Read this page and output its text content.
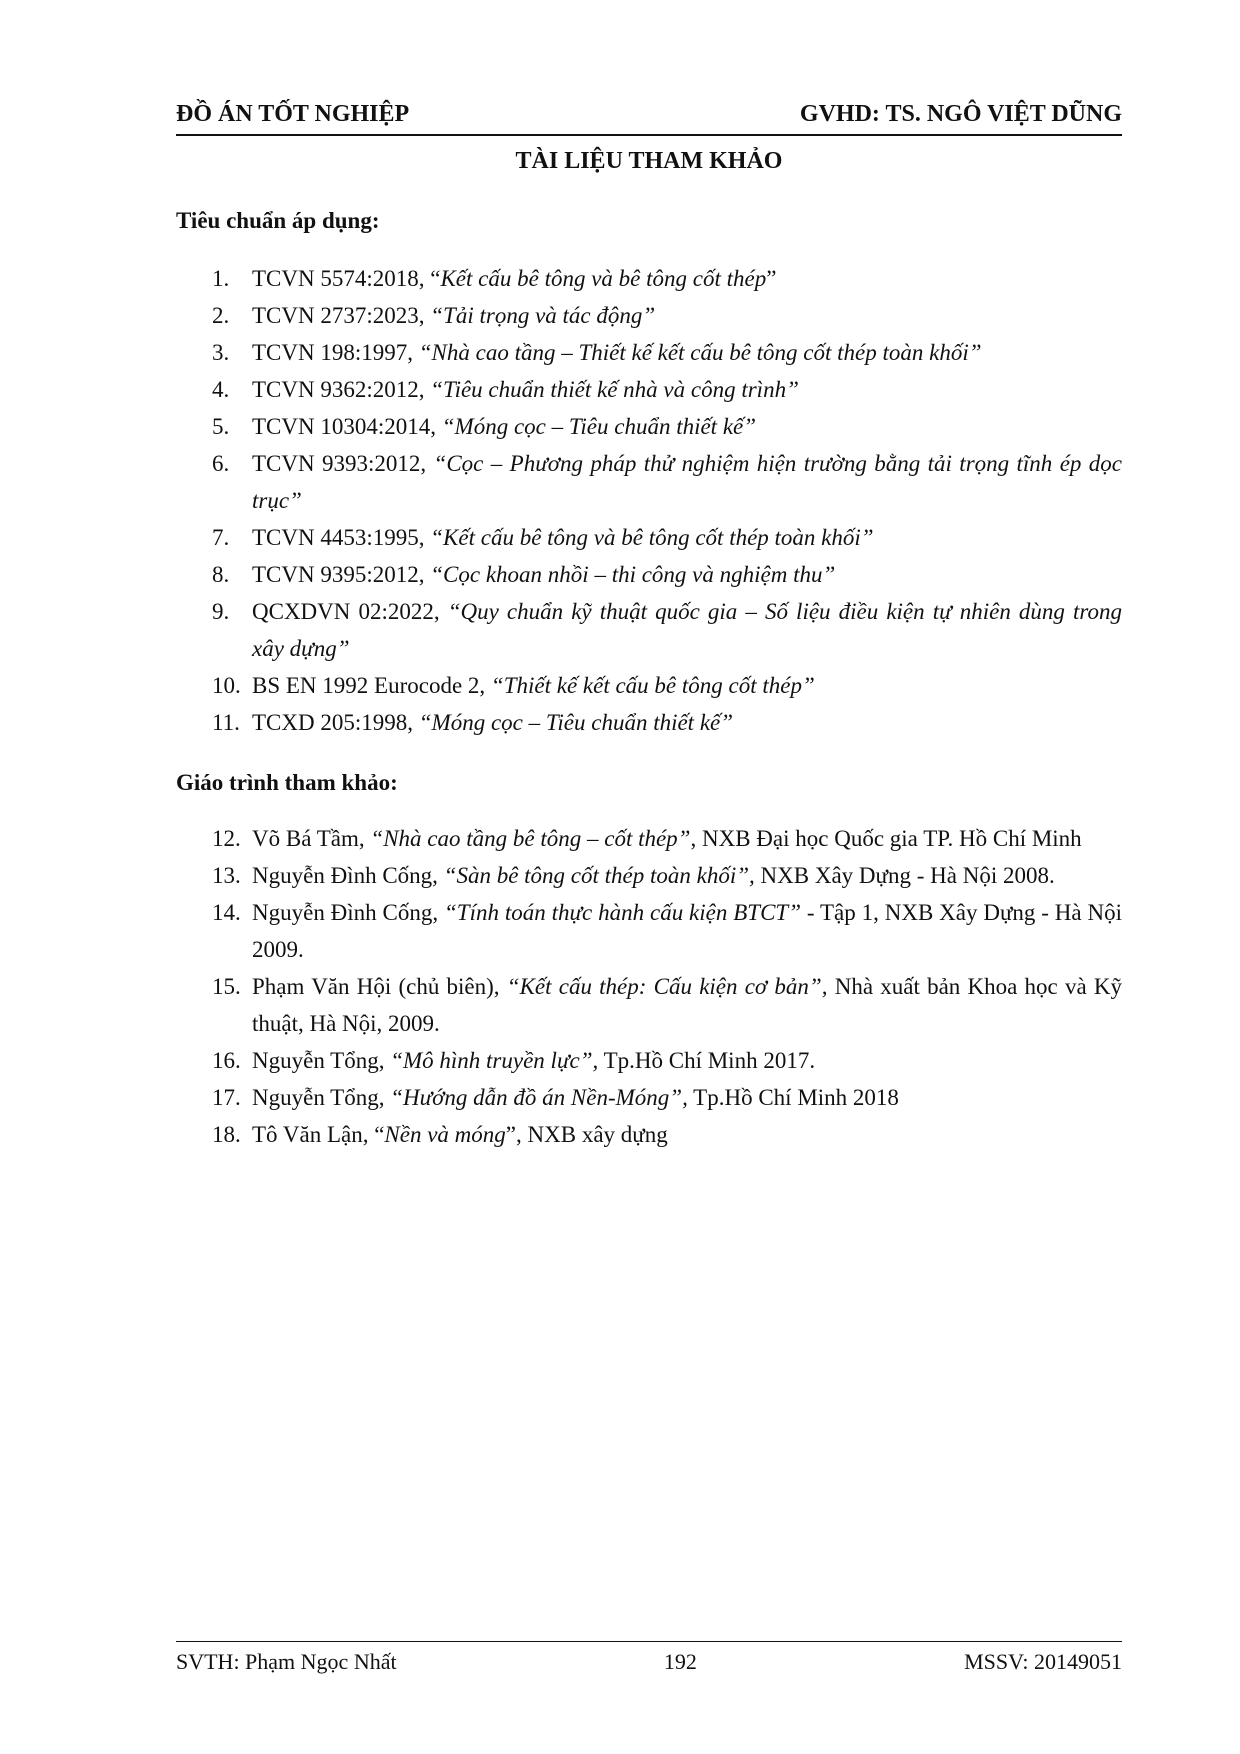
ĐỒ ÁN TỐT NGHIỆP	GVHD: TS. NGÔ VIỆT DŨNG
TÀI LIỆU THAM KHẢO
Tiêu chuẩn áp dụng:
1. TCVN 5574:2018, “Kết cấu bê tông và bê tông cốt thép”
2. TCVN 2737:2023, “Tải trọng và tác động”
3. TCVN 198:1997, “Nhà cao tầng – Thiết kế kết cấu bê tông cốt thép toàn khối”
4. TCVN 9362:2012, “Tiêu chuẩn thiết kế nhà và công trình”
5. TCVN 10304:2014, “Móng cọc – Tiêu chuẩn thiết kế”
6. TCVN 9393:2012, “Cọc – Phương pháp thử nghiệm hiện trường bằng tải trọng tĩnh ép dọc trục”
7. TCVN 4453:1995, “Kết cấu bê tông và bê tông cốt thép toàn khối”
8. TCVN 9395:2012, “Cọc khoan nhồi – thi công và nghiệm thu”
9. QCXDVN 02:2022, “Quy chuẩn kỹ thuật quốc gia – Số liệu điều kiện tự nhiên dùng trong xây dựng”
10. BS EN 1992 Eurocode 2, “Thiết kế kết cấu bê tông cốt thép”
11. TCXD 205:1998, “Móng cọc – Tiêu chuẩn thiết kế”
Giáo trình tham khảo:
12. Võ Bá Tầm, “Nhà cao tầng bê tông – cốt thép”, NXB Đại học Quốc gia TP. Hồ Chí Minh
13. Nguyễn Đình Cống, “Sàn bê tông cốt thép toàn khối”, NXB Xây Dựng - Hà Nội 2008.
14. Nguyễn Đình Cống, “Tính toán thực hành cấu kiện BTCT” - Tập 1, NXB Xây Dựng - Hà Nội 2009.
15. Phạm Văn Hội (chủ biên), “Kết cấu thép: Cấu kiện cơ bản”, Nhà xuất bản Khoa học và Kỹ thuật, Hà Nội, 2009.
16. Nguyễn Tổng, “Mô hình truyền lực”, Tp.Hồ Chí Minh 2017.
17. Nguyễn Tổng, “Hướng dẫn đồ án Nền-Móng”, Tp.Hồ Chí Minh 2018
18. Tô Văn Lận, “Nền và móng”, NXB xây dựng
SVTH: Phạm Ngọc Nhất	192	MSSV: 20149051
